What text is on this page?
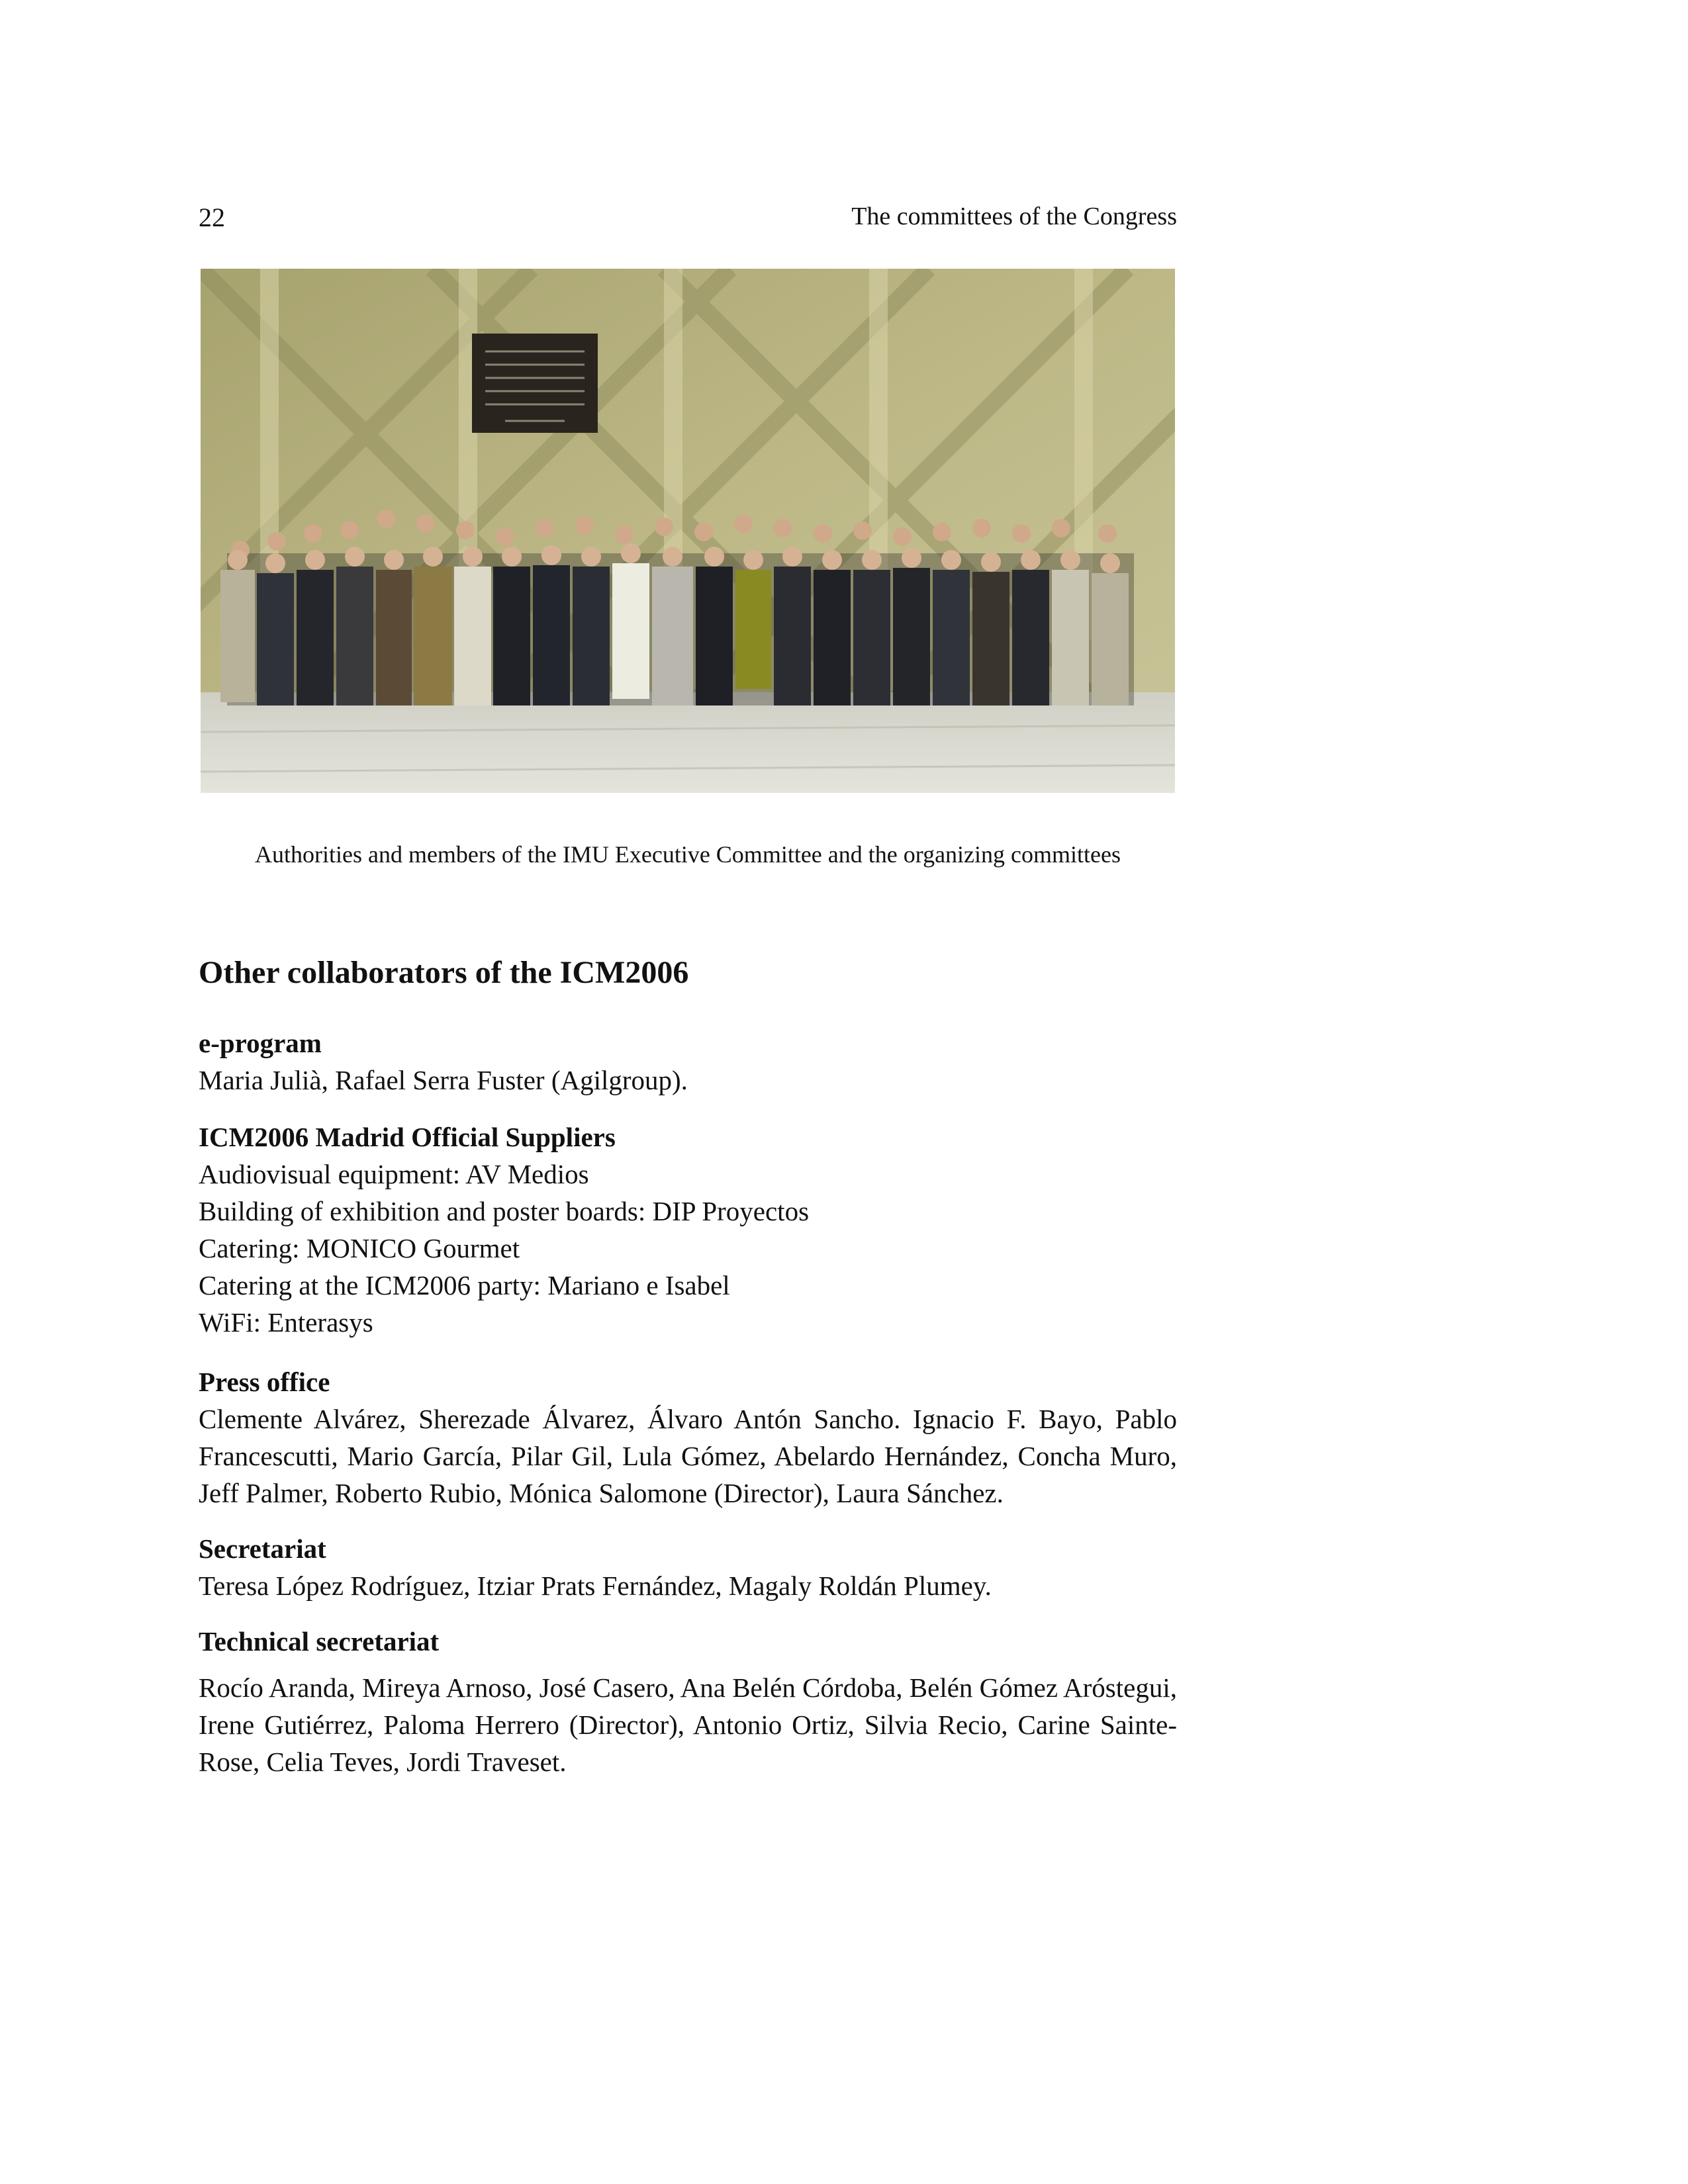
22	The committees of the Congress
Authorities and members of the IMU Executive Committee and the organizing committees
Other collaborators of the ICM2006
e-program
Maria Julià, Rafael Serra Fuster (Agilgroup).
ICM2006 Madrid Official Suppliers
Audiovisual equipment: AV Medios
Building of exhibition and poster boards: DIP Proyectos
Catering: MONICO Gourmet
Catering at the ICM2006 party: Mariano e Isabel
WiFi: Enterasys
Press office
Clemente Alvárez, Sherezade Álvarez, Álvaro Antón Sancho. Ignacio F. Bayo, Pablo Francescutti, Mario García, Pilar Gil, Lula Gómez, Abelardo Hernández, Concha Muro, Jeff Palmer, Roberto Rubio, Mónica Salomone (Director), Laura Sánchez.
Secretariat
Teresa López Rodríguez, Itziar Prats Fernández, Magaly Roldán Plumey.
Technical secretariat
Rocío Aranda, Mireya Arnoso, José Casero, Ana Belén Córdoba, Belén Gómez Aróstegui, Irene Gutiérrez, Paloma Herrero (Director), Antonio Ortiz, Silvia Recio, Carine Sainte-Rose, Celia Teves, Jordi Traveset.
